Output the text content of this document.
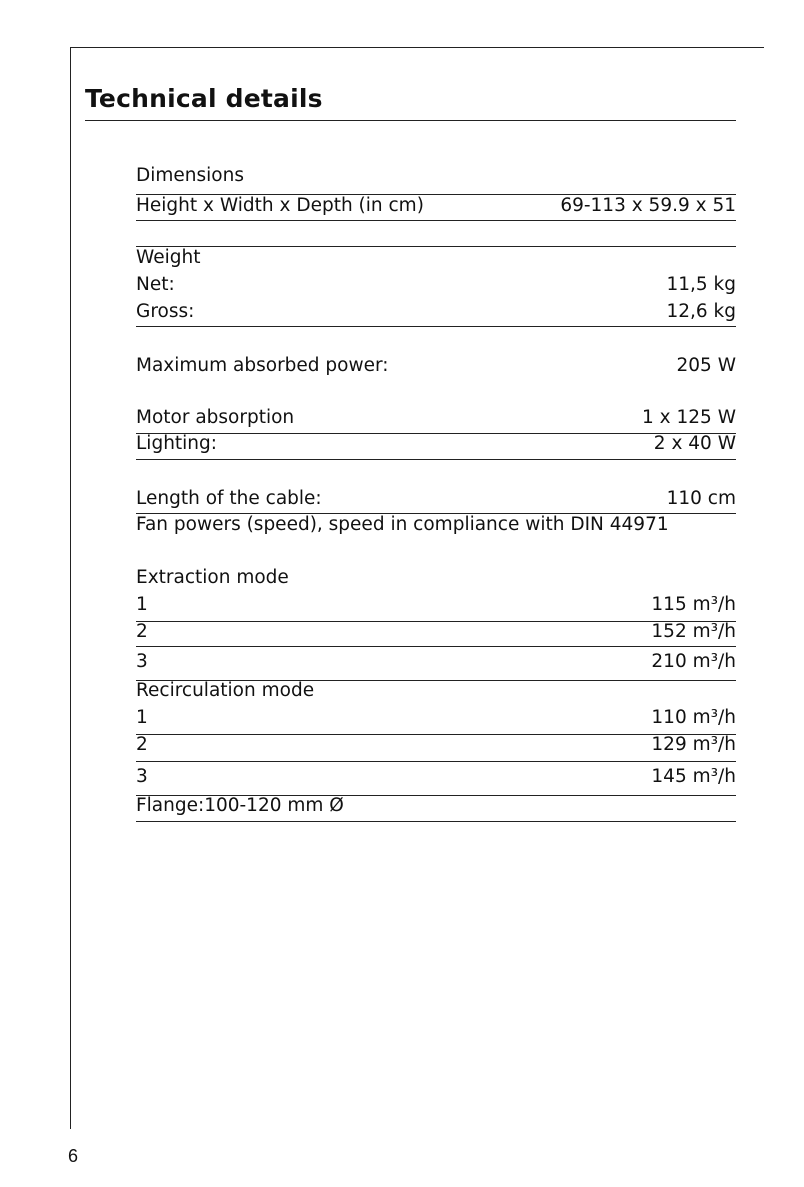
Technical details
Dimensions
Height x Width x Depth (in cm)	69-113 x 59.9 x 51
Weight
Net:	11,5 kg
Gross:	12,6 kg
Maximum absorbed power:	205 W
Motor absorption	1 x 125 W
Lighting:	2 x 40 W
Length of the cable:	110 cm
Fan powers (speed), speed in compliance with DIN 44971
Extraction mode
1	115 m³/h
2	152 m³/h
3	210 m³/h
Recirculation mode
1	110 m³/h
2	129 m³/h
3	145 m³/h
Flange:100-120 mm Ø
6
